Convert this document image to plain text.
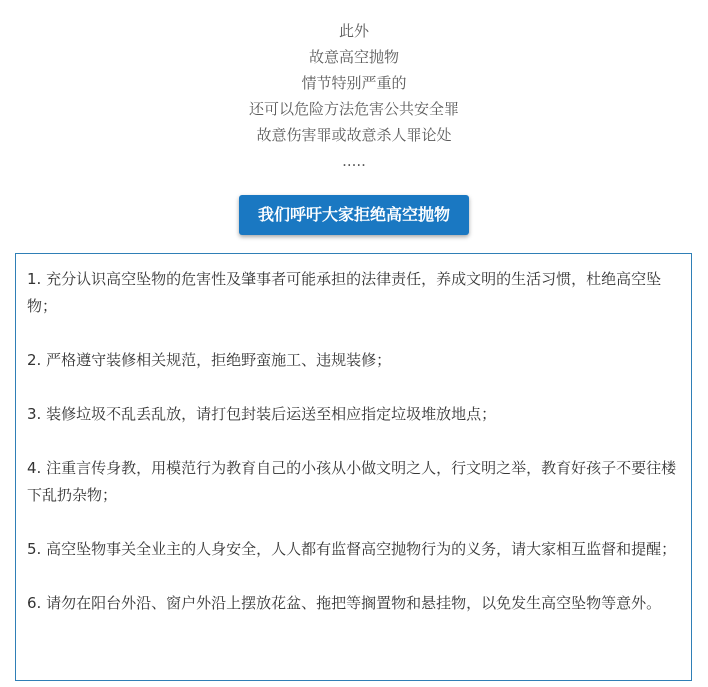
此外
故意高空抛物
情节特别严重的
还可以危险方法危害公共安全罪
故意伤害罪或故意杀人罪论处
.....
我们呼吁大家拒绝高空抛物

1. 充分认识高空坠物的危害性及肇事者可能承担的法律责任，养成文明的生活习惯，杜绝高空坠物；

2. 严格遵守装修相关规范，拒绝野蛮施工、违规装修；

3. 装修垃圾不乱丢乱放，请打包封装后运送至相应指定垃圾堆放地点；

4. 注重言传身教，用模范行为教育自己的小孩从小做文明之人，行文明之举，教育好孩子不要往楼下乱扔杂物；

5. 高空坠物事关全业主的人身安全，人人都有监督高空抛物行为的义务，请大家相互监督和提醒；

6. 请勿在阳台外沿、窗户外沿上摆放花盆、拖把等搁置物和悬挂物，以免发生高空坠物等意外。
